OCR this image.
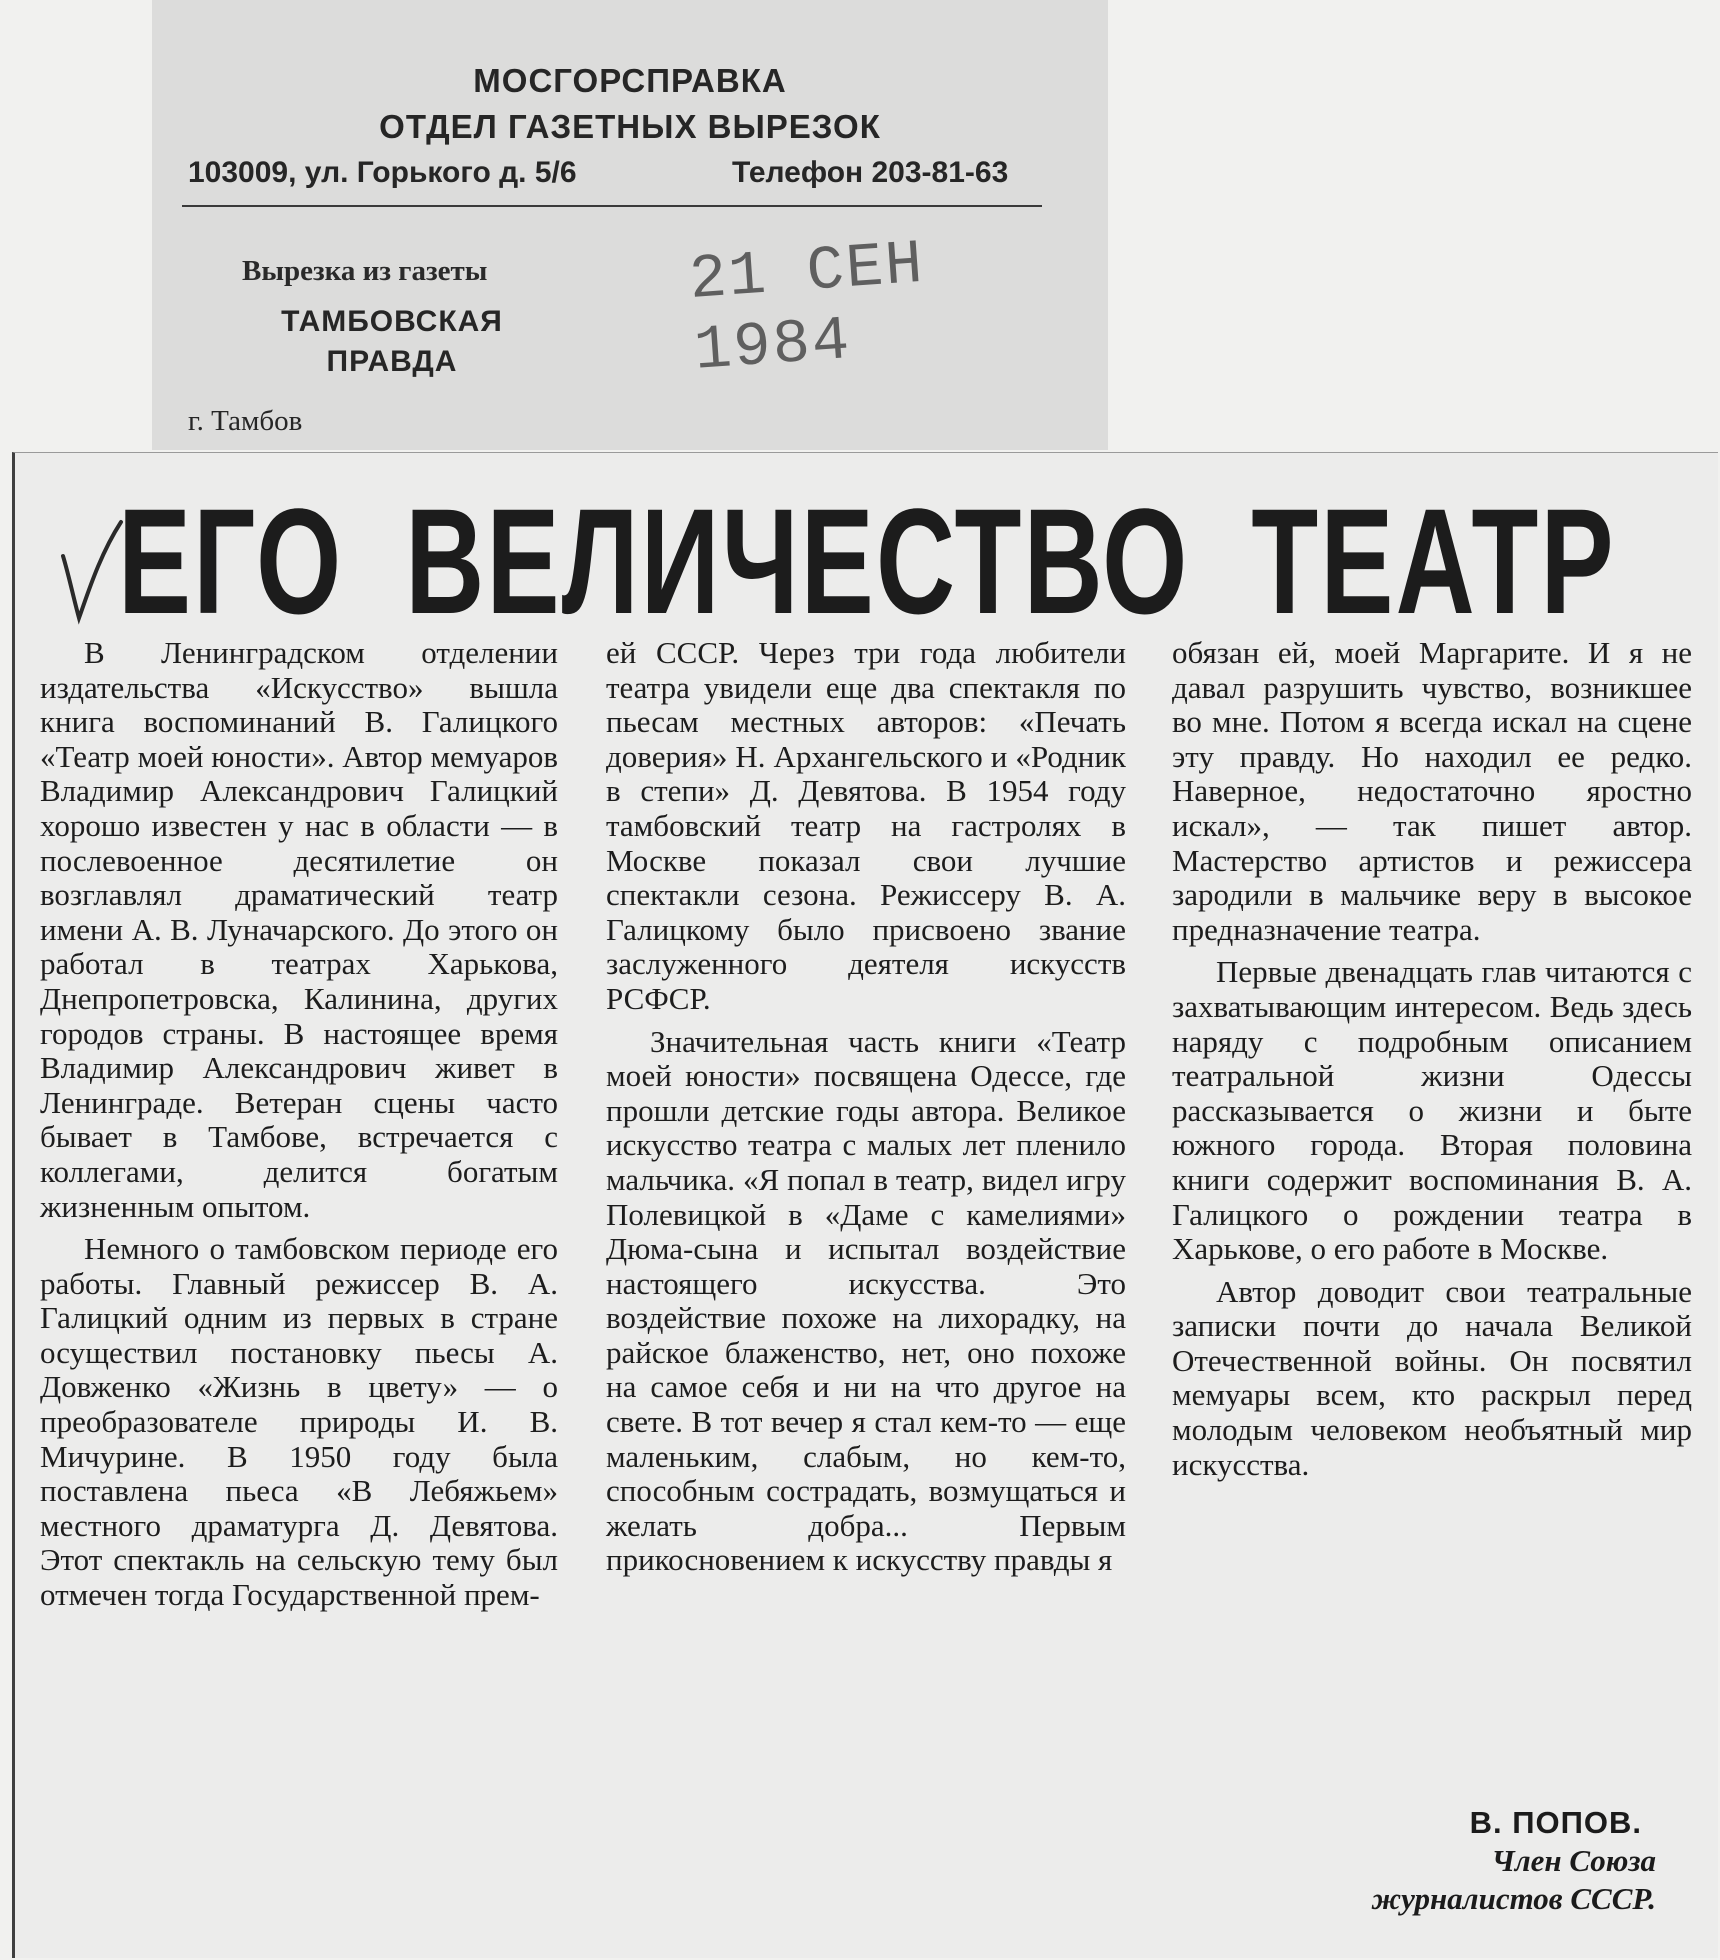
МОСГОРСПРАВКА
ОТДЕЛ ГАЗЕТНЫХ ВЫРЕЗОК
103009, ул. Горького д. 5/6	Телефон 203-81-63
Вырезка из газеты
ТАМБОВСКАЯ ПРАВДА
г. Тамбов
21 СЕН 1984
ЕГО ВЕЛИЧЕСТВО ТЕАТР

В Ленинградском отделении издательства «Искусство» вышла книга воспоминаний В. Галицкого «Театр моей юности». Автор мемуаров Владимир Александрович Галицкий хорошо известен у нас в области — в послевоенное десятилетие он возглавлял драматический театр имени А. В. Луначарского. До этого он работал в театрах Харькова, Днепропетровска, Калинина, других городов страны. В настоящее время Владимир Александрович живет в Ленинграде. Ветеран сцены часто бывает в Тамбове, встречается с коллегами, делится богатым жизненным опытом.

Немного о тамбовском периоде его работы. Главный режиссер В. А. Галицкий одним из первых в стране осуществил постановку пьесы А. Довженко «Жизнь в цвету» — о преобразователе природы И. В. Мичурине. В 1950 году была поставлена пьеса «В Лебяжьем» местного драматурга Д. Девятова. Этот спектакль на сельскую тему был отмечен тогда Государственной прем-

ей СССР. Через три года любители театра увидели еще два спектакля по пьесам местных авторов: «Печать доверия» Н. Архангельского и «Родник в степи» Д. Девятова. В 1954 году тамбовский театр на гастролях в Москве показал свои лучшие спектакли сезона. Режиссеру В. А. Галицкому было присвоено звание заслуженного деятеля искусств РСФСР.

Значительная часть книги «Театр моей юности» посвящена Одессе, где прошли детские годы автора. Великое искусство театра с малых лет пленило мальчика. «Я попал в театр, видел игру Полевицкой в «Даме с камелиями» Дюма-сына и испытал воздействие настоящего искусства. Это воздействие похоже на лихорадку, на райское блаженство, нет, оно похоже на самое себя и ни на что другое на свете. В тот вечер я стал кем-то — еще маленьким, слабым, но кем-то, способным сострадать, возмущаться и желать добра... Первым прикосновением к искусству правды я

обязан ей, моей Маргарите. И я не давал разрушить чувство, возникшее во мне. Потом я всегда искал на сцене эту правду. Но находил ее редко. Наверное, недостаточно яростно искал», — так пишет автор. Мастерство артистов и режиссера зародили в мальчике веру в высокое предназначение театра.

Первые двенадцать глав читаются с захватывающим интересом. Ведь здесь наряду с подробным описанием театральной жизни Одессы рассказывается о жизни и быте южного города. Вторая половина книги содержит воспоминания В. А. Галицкого о рождении театра в Харькове, о его работе в Москве.

Автор доводит свои театральные записки почти до начала Великой Отечественной войны. Он посвятил мемуары всем, кто раскрыл перед молодым человеком необъятный мир искусства.

В. ПОПОВ.
Член Союза
журналистов СССР.
